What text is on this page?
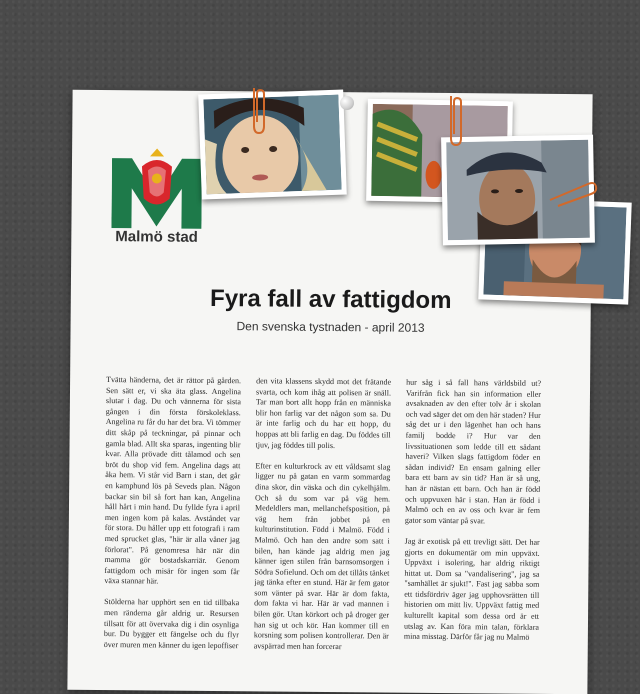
Malmö stad
Fyra fall av fattigdom
Den svenska tystnaden - april 2013
Tvätta händerna, det är rättor på gården. Sen sätt er, vi ska äta glass. Angelina slutar i dag. Du och vännerna för sista gången i din första förskoleklass. Angelina ru får du har det bra. Vi tömmer ditt skåp på teckningar, på pinnar och gamla blad. Allt ska sparas, ingenting blir kvar. Alla prövade ditt tålamod och sen bröt du shop vid fem. Angelina dags att åka hem. Vi står vid Barn i stan, det går en kamphund lös på Seveds plan. Någon backar sin bil så fort han kan, Angelina håll hårt i min hand. Du fyllde fyra i april men ingen kom på kalas. Avståndet var för stora. Du håller upp ett fotografi i ram med sprucket glas, "här är alla våner jag förlorat". På genomresa här när din mamma gör bostadskarriär. Genom fattigdom och misär för ingen som får växa stannar här.

Stölderna har upphört sen en tid tillbaka men ränderna går aldrig ur. Resursen tillsatt för att övervaka dig i din osynliga bur. Du bygger ett fängelse och du flyr över muren men känner du igen lepoffiser
den vita klassens skydd mot det frätande svarta, och kom ihåg att polisen är snäll. Tar man bort allt hopp från en människa blir hon farlig var det någon som sa. Du är inte farlig och du har ett hopp, du hoppas att bli farlig en dag. Du föddes till tjuv, jag föddes till polis.

Efter en kulturkrock av ett våldsamt slag ligger nu på gatan en varm sommardag dina skor, din väska och din cykelhjälm. Och så du som var på väg hem. Medeldlers man, mellanchefsposition, på väg hem från jobbet på en kulturinstitution. Född i Malmö. Född i Malmö. Och han den andre som satt i bilen, han kände jag aldrig men jag känner igen stilen från barnsomsorgen i Södra Sofielund. Och om det tillåts tänket jag tänka efter en stund. Här är fem gator som vänter på svar. Här är dom fakta, dom fakta vi har. Här är vad mannen i bilen gör. Utan körkort och på droger ger han sig ut och kör. Han kommer till en korsning som polisen kontrollerar. Den är avspärrad men han forcerar
hur såg i så fall hans världsbild ut? Varifrån fick han sin information eller avsaknaden av den efter tolv år i skolan och vad säger det om den här staden? Hur såg det ur i den lägenhet han och hans familj bodde i? Hur var den livssituationen som ledde till ett sådant haveri? Vilken slags fattigdom föder en sådan individ? En ensam galning eller bara ett barn av sin tid? Han är så ung, han är nästan ett barn. Och han är född och uppvuxen här i stan. Han är född i Malmö och en av oss och kvar är fem gator som väntar på svar.

Jag är exotisk på ett trevligt sätt. Det har gjorts en dokumentär om min uppväxt. Uppväxt i isolering, har aldrig riktigt hittat ut. Dom sa "vandalisering", jag sa "samhället är sjukt!". Fast jag sabba som ett tidsfördriv äger jag upphovsrätten till historien om mitt liv. Uppväxt fattig med kulturellt kapital som dessa ord är ett utslag av. Kan föra min talan, förklara mina misstag. Därför får jag nu Malmö
